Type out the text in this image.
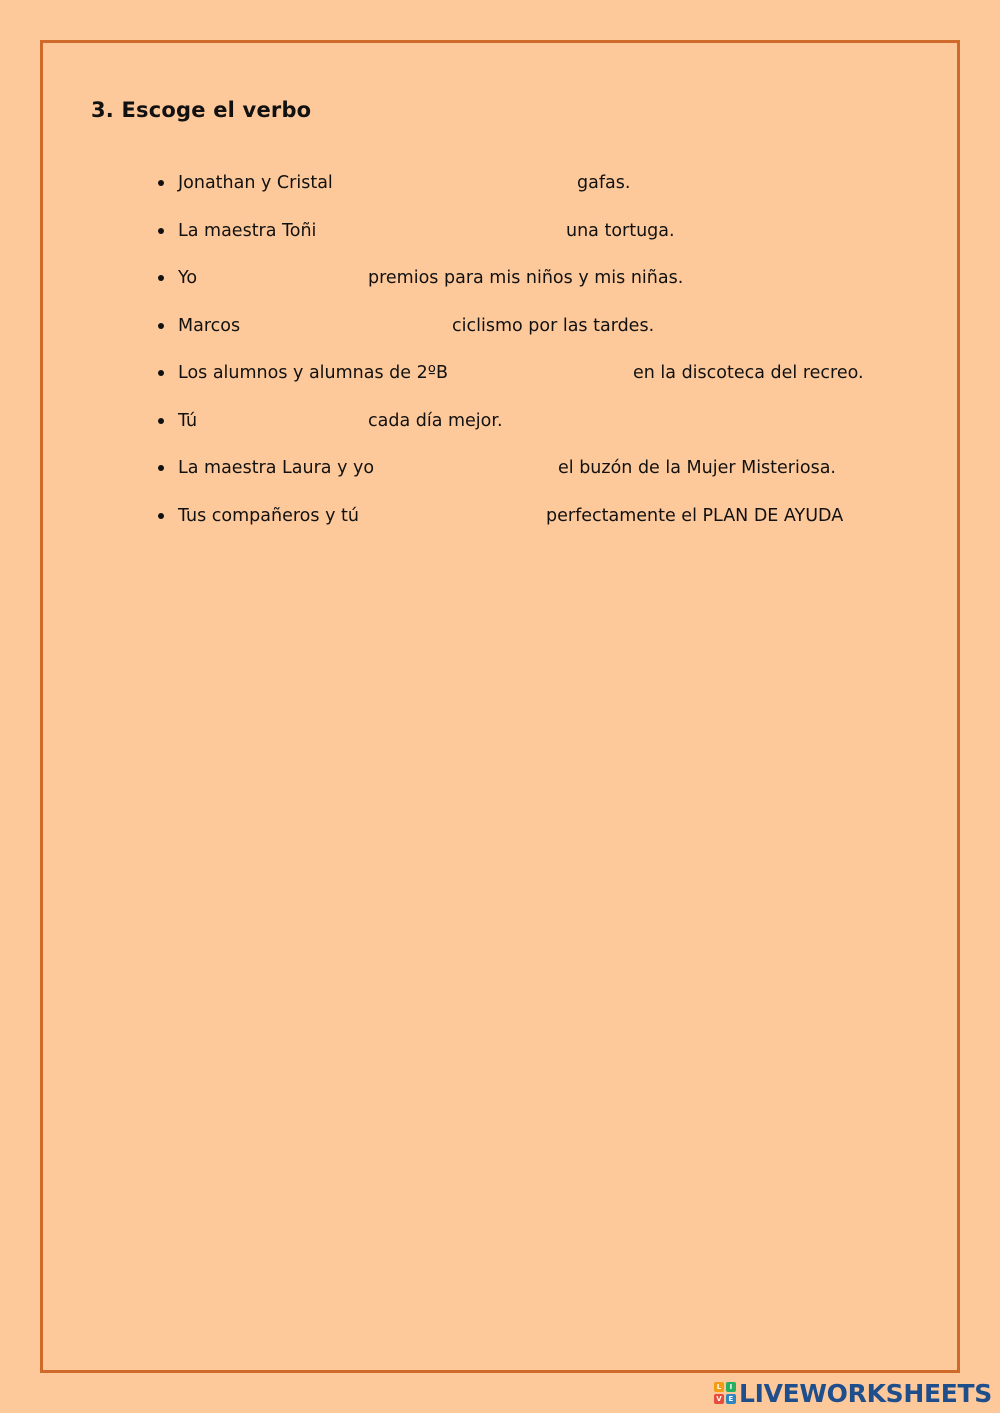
3. Escoge el verbo
Jonathan y Cristal	gafas.
La maestra Toñi	una tortuga.
Yo	premios para mis niños y mis niñas.
Marcos	ciclismo por las tardes.
Los alumnos y alumnas de 2ºB	en la discoteca del recreo.
Tú	cada día mejor.
La maestra Laura y yo	el buzón de la Mujer Misteriosa.
Tus compañeros y tú	perfectamente el PLAN DE AYUDA
L	I
V E LIVEWORKSHEETS
